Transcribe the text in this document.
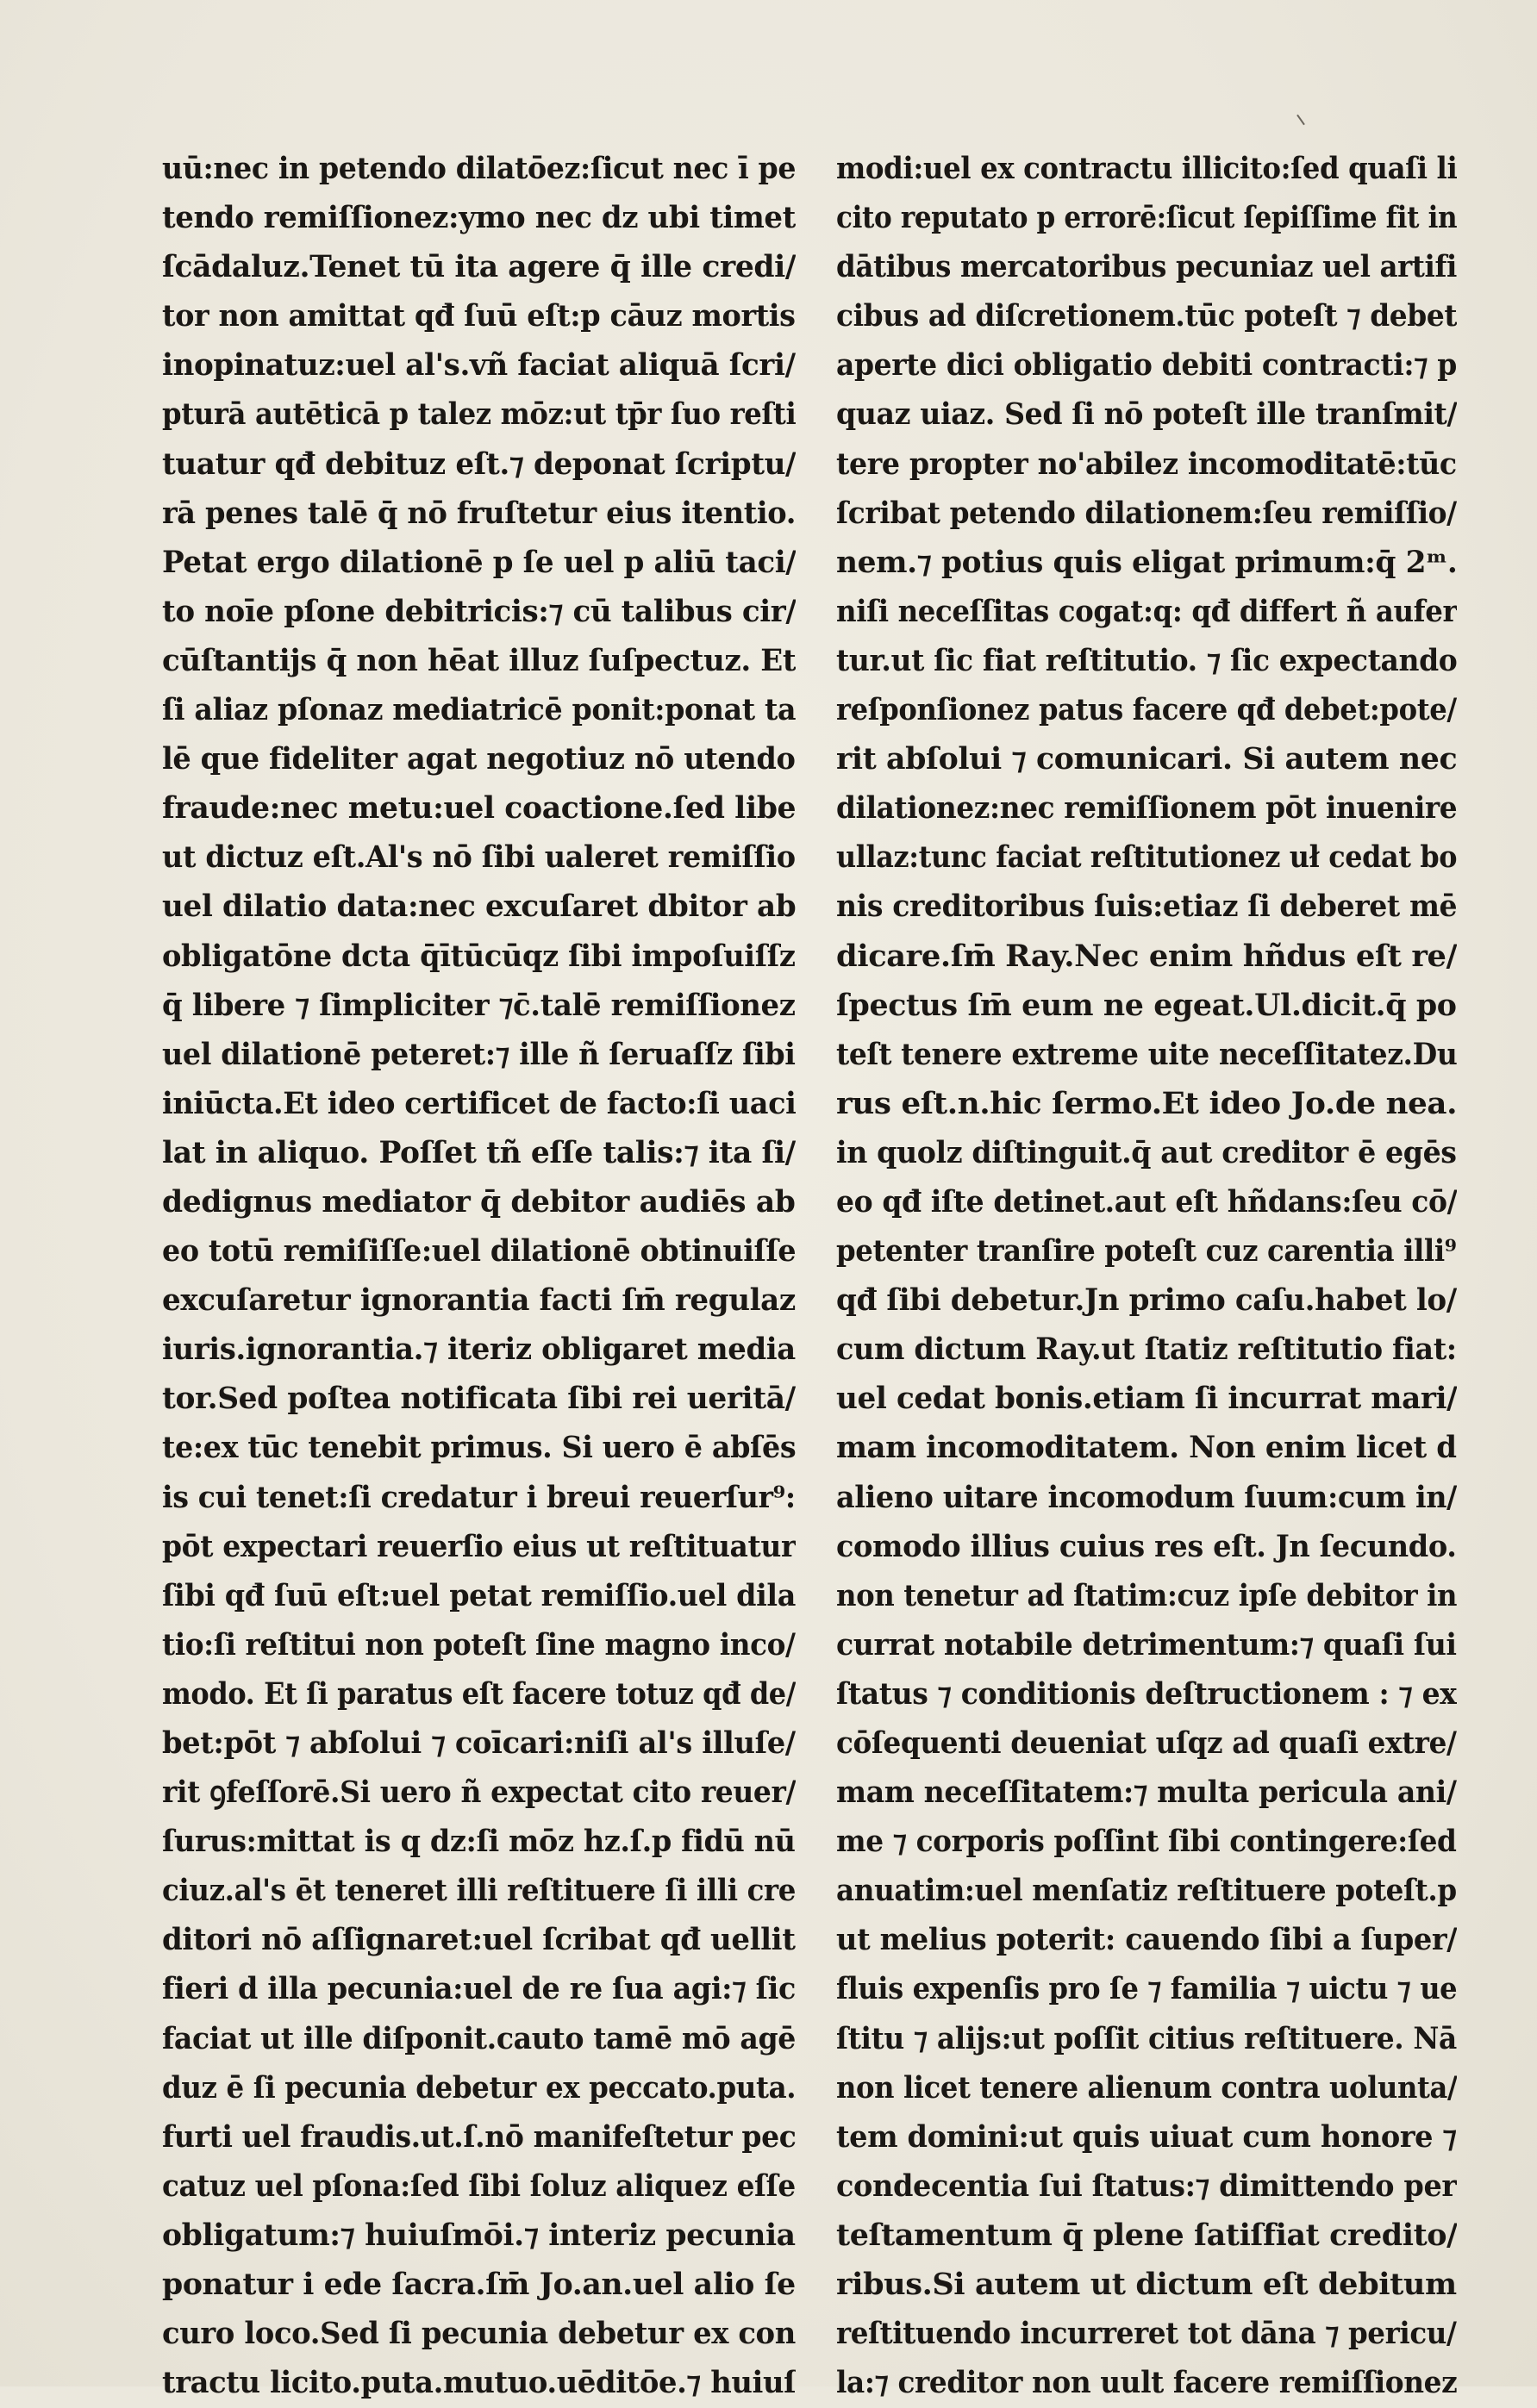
uū:nec in petendo dilatōez:ſicut nec ī pe
tendo remiſſionez:ymo nec dz ubi timet
ſcādaluz.Tenet tū ita agere q̄ ille credi/
tor non amittat qđ ſuū eſt:p cāuz mortis
inopinatuz:uel al's.vñ faciat aliquā ſcri/
pturā autēticā p talez mōz:ut tp̄r ſuo reſti
tuatur qđ debituz eſt.⁊ deponat ſcriptu/
rā penes talē q̄ nō fruſtetur eius itentio.
Petat ergo dilationē p ſe uel p aliū taci/
to noīe pſone debitricis:⁊ cū talibus cir/
cūſtantijs q̄ non hēat illuz ſuſpectuz. Et
ſi aliaz pſonaz mediatricē ponit:ponat ta
lē que fideliter agat negotiuz nō utendo
fraude:nec metu:uel coactione.ſed libe
ut dictuz eſt.Al's nō ſibi ualeret remiſſio
uel dilatio data:nec excuſaret dbitor ab
obligatōne dcta q̄ītūcūqz ſibi impoſuiſſz
q̄ libere ⁊ ſimpliciter ⁊c̄.talē remiſſionez
uel dilationē peteret:⁊ ille ñ ſeruaſſz ſibi
iniūcta.Et ideo certificet de facto:ſi uaci
lat in aliquo. Poſſet tñ eſſe talis:⁊ ita ſi/
dedignus mediator q̄ debitor audiēs ab
eo totū remiſiſſe:uel dilationē obtinuiſſe
excuſaretur ignorantia facti ſm̄ regulaz
iuris.ignorantia.⁊ iteriz obligaret media
tor.Sed poſtea notificata ſibi rei ueritā/
te:ex tūc tenebit primus. Si uero ē abſēs
is cui tenet:ſi credatur i breui reuerſur⁹:
pōt expectari reuerſio eius ut reſtituatur
ſibi qđ ſuū eſt:uel petat remiſſio.uel dila
tio:ſi reſtitui non poteſt ſine magno inco/
modo. Et ſi paratus eſt facere totuz qđ de/
bet:pōt ⁊ abſolui ⁊ coīcari:niſi al's illuſe/
rit ꝯfeſſorē.Si uero ñ expectat cito reuer/
ſurus:mittat is q dz:ſi mōz hz.ſ.p fidū nū
ciuz.al's ēt teneret illi reſtituere ſi illi cre
ditori nō aſſignaret:uel ſcribat qđ uellit
fieri d illa pecunia:uel de re ſua agi:⁊ ſic
faciat ut ille diſponit.cauto tamē mō agē
duz ē ſi pecunia debetur ex peccato.puta.
furti uel fraudis.ut.ſ.nō manifeſtetur pec
catuz uel pſona:ſed ſibi ſoluz aliquez eſſe
obligatum:⁊ huiuſmōi.⁊ interiz pecunia
ponatur i ede ſacra.ſm̄ Jo.an.uel alio ſe
curo loco.Sed ſi pecunia debetur ex con
tractu licito.puta.mutuo.uēditōe.⁊ huiuſ
modi:uel ex contractu illicito:ſed quaſi li
cito reputato p errorē:ſicut ſepiſſime fit in
dātibus mercatoribus pecuniaz uel artifi
cibus ad diſcretionem.tūc poteſt ⁊ debet
aperte dici obligatio debiti contracti:⁊ p
quaz uiaz. Sed ſi nō poteſt ille tranſmit/
tere propter no'abilez incomoditatē:tūc
ſcribat petendo dilationem:ſeu remiſſio/
nem.⁊ potius quis eligat primum:q̄ 2ᵐ.
niſi neceſſitas cogat:q: qđ differt ñ aufer
tur.ut ſic fiat reſtitutio. ⁊ ſic expectando
reſponſionez patus facere qđ debet:pote/
rit abſolui ⁊ comunicari. Si autem nec
dilationez:nec remiſſionem pōt inuenire
ullaz:tunc faciat reſtitutionez uł cedat bo
nis creditoribus ſuis:etiaz ſi deberet mē
dicare.ſm̄ Ray.Nec enim hñdus eſt re/
ſpectus ſm̄ eum ne egeat.Ul.dicit.q̄ po
teſt tenere extreme uite neceſſitatez.Du
rus eſt.n.hic ſermo.Et ideo Jo.de nea.
in quolz diſtinguit.q̄ aut creditor ē egēs
eo qđ iſte detinet.aut eſt hñdans:ſeu cō/
petenter tranſire poteſt cuz carentia illi⁹
qđ ſibi debetur.Jn primo caſu.habet lo/
cum dictum Ray.ut ſtatiz reſtitutio fiat:
uel cedat bonis.etiam ſi incurrat mari/
mam incomoditatem. Non enim licet d
alieno uitare incomodum ſuum:cum in/
comodo illius cuius res eſt. Jn ſecundo.
non tenetur ad ſtatim:cuz ipſe debitor in
currat notabile detrimentum:⁊ quaſi ſui
ſtatus ⁊ conditionis deſtructionem : ⁊ ex
cōſequenti deueniat uſqz ad quaſi extre/
mam neceſſitatem:⁊ multa pericula ani/
me ⁊ corporis poſſint ſibi contingere:ſed
anuatim:uel menſatiz reſtituere poteſt.p
ut melius poterit: cauendo ſibi a ſuper/
fluis expenſis pro ſe ⁊ familia ⁊ uictu ⁊ ue
ſtitu ⁊ alijs:ut poſſit citius reſtituere. Nā
non licet tenere alienum contra uolunta/
tem domini:ut quis uiuat cum honore ⁊
condecentia ſui ſtatus:⁊ dimittendo per
teſtamentum q̄ plene ſatiſfiat credito/
ribus.Si autem ut dictum eſt debitum
reſtituendo incurreret tot dāna ⁊ pericu/
la:⁊ creditor non uult facere remiſſionez
